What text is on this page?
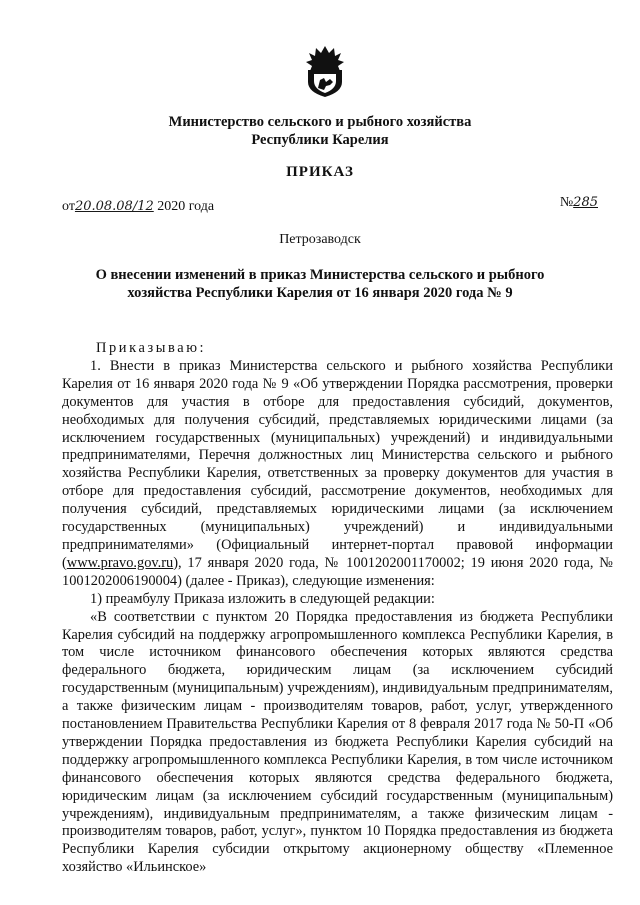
Министерство сельского и рыбного хозяйства
Республики Карелия
ПРИКАЗ
от20.08.08/12 2020 года	№285
Петрозаводск
О внесении изменений в приказ Министерства сельского и рыбного
хозяйства Республики Карелия от 16 января 2020 года № 9

Приказываю:

1. Внести в приказ Министерства сельского и рыбного хозяйства Республики Карелия от 16 января 2020 года № 9 «Об утверждении Порядка рассмотрения, проверки документов для участия в отборе для предоставления субсидий, документов, необходимых для получения субсидий, представляемых юридическими лицами (за исключением государственных (муниципальных) учреждений) и индивидуальными предпринимателями, Перечня должностных лиц Министерства сельского и рыбного хозяйства Республики Карелия, ответственных за проверку документов для участия в отборе для предоставления субсидий, рассмотрение документов, необходимых для получения субсидий, представляемых юридическими лицами (за исключением государственных (муниципальных) учреждений) и индивидуальными предпринимателями» (Официальный интернет-портал правовой информации (www.pravo.gov.ru), 17 января 2020 года, № 1001202001170002; 19 июня 2020 года, № 1001202006190004) (далее - Приказ), следующие изменения:

1) преамбулу Приказа изложить в следующей редакции:

«В соответствии с пунктом 20 Порядка предоставления из бюджета Республики Карелия субсидий на поддержку агропромышленного комплекса Республики Карелия, в том числе источником финансового обеспечения которых являются средства федерального бюджета, юридическим лицам (за исключением субсидий государственным (муниципальным) учреждениям), индивидуальным предпринимателям, а также физическим лицам - производителям товаров, работ, услуг, утвержденного постановлением Правительства Республики Карелия от 8 февраля 2017 года № 50-П «Об утверждении Порядка предоставления из бюджета Республики Карелия субсидий на поддержку агропромышленного комплекса Республики Карелия, в том числе источником финансового обеспечения которых являются средства федерального бюджета, юридическим лицам (за исключением субсидий государственным (муниципальным) учреждениям), индивидуальным предпринимателям, а также физическим лицам - производителям товаров, работ, услуг», пунктом 10 Порядка предоставления из бюджета Республики Карелия субсидии открытому акционерному обществу «Племенное хозяйство «Ильинское»
